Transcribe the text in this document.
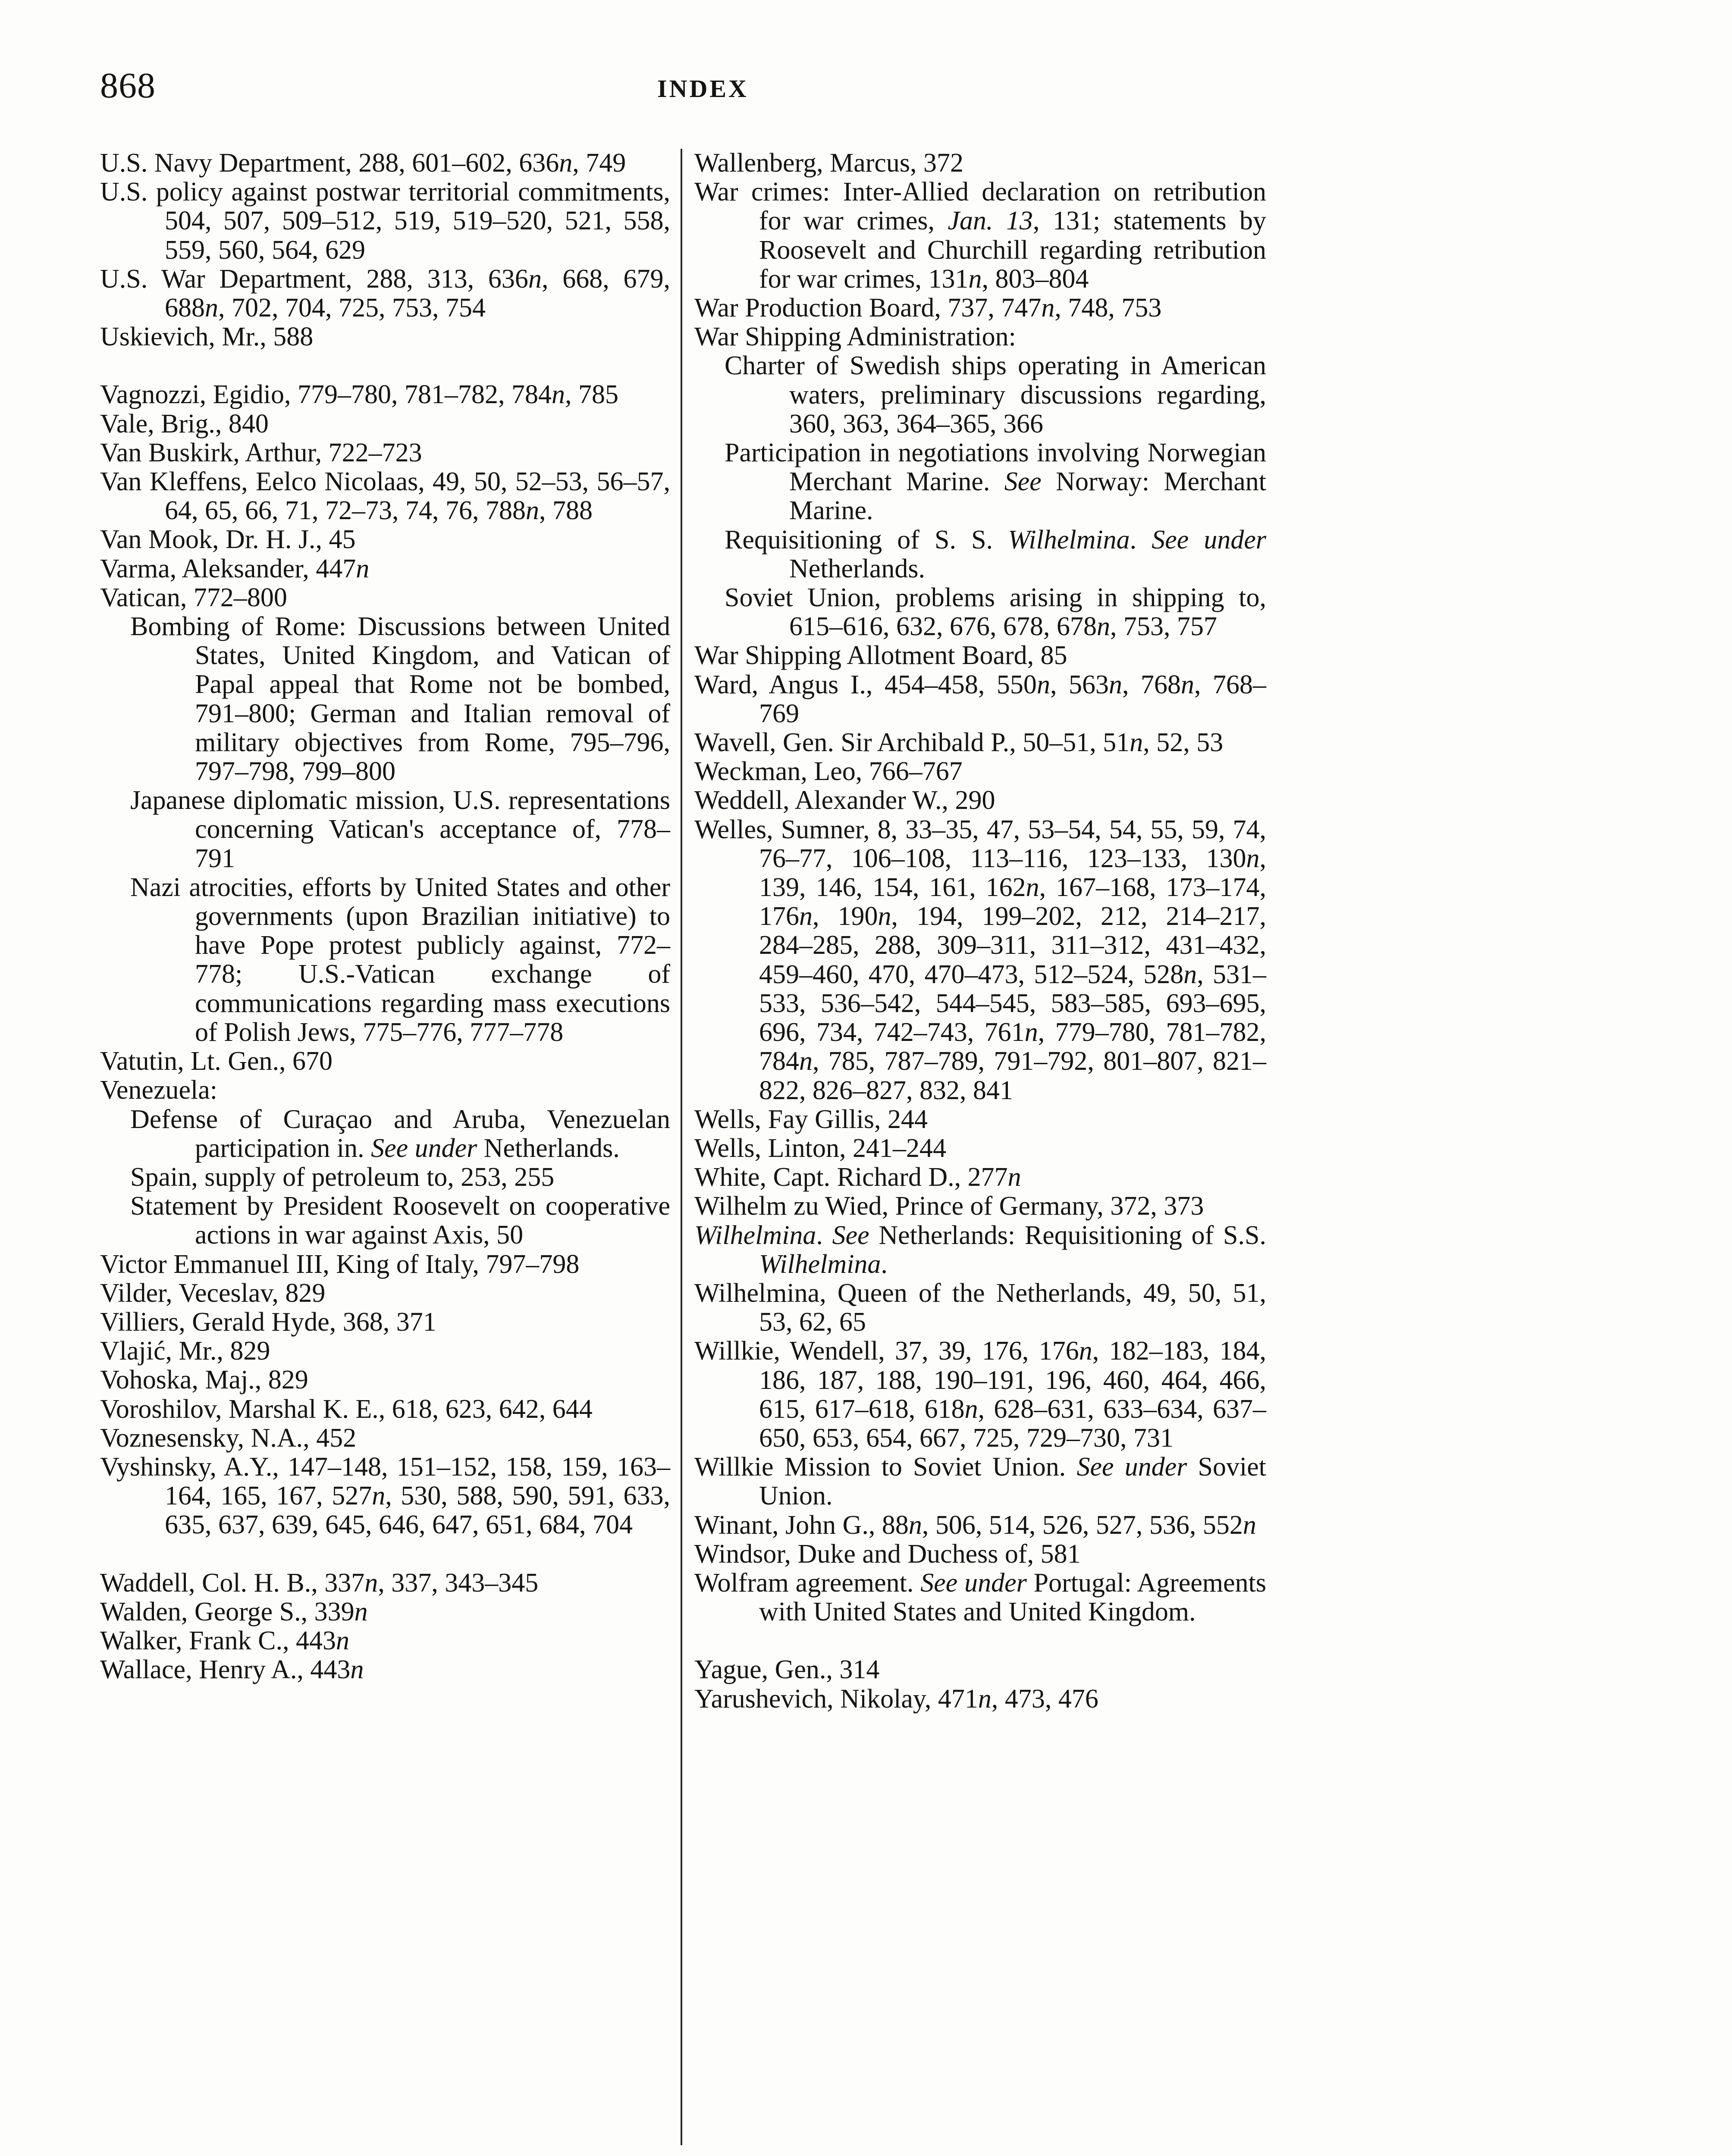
868	INDEX
U.S. Navy Department, 288, 601–602, 636n, 749
U.S. policy against postwar territorial commitments, 504, 507, 509–512, 519, 519–520, 521, 558, 559, 560, 564, 629
U.S. War Department, 288, 313, 636n, 668, 679, 688n, 702, 704, 725, 753, 754
Uskievich, Mr., 588
Vagnozzi, Egidio, 779–780, 781–782, 784n, 785
Vale, Brig., 840
Van Buskirk, Arthur, 722–723
Van Kleffens, Eelco Nicolaas, 49, 50, 52–53, 56–57, 64, 65, 66, 71, 72–73, 74, 76, 788n, 788
Van Mook, Dr. H. J., 45
Varma, Aleksander, 447n
Vatican, 772–800
Bombing of Rome: Discussions between United States, United Kingdom, and Vatican of Papal appeal that Rome not be bombed, 791–800; German and Italian removal of military objectives from Rome, 795–796, 797–798, 799–800
Japanese diplomatic mission, U.S. representations concerning Vatican's acceptance of, 778–791
Nazi atrocities, efforts by United States and other governments (upon Brazilian initiative) to have Pope protest publicly against, 772–778; U.S.-Vatican exchange of communications regarding mass executions of Polish Jews, 775–776, 777–778
Vatutin, Lt. Gen., 670
Venezuela:
Defense of Curaçao and Aruba, Venezuelan participation in. See under Netherlands.
Spain, supply of petroleum to, 253, 255
Statement by President Roosevelt on cooperative actions in war against Axis, 50
Victor Emmanuel III, King of Italy, 797–798
Vilder, Veceslav, 829
Villiers, Gerald Hyde, 368, 371
Vlajić, Mr., 829
Vohoska, Maj., 829
Voroshilov, Marshal K. E., 618, 623, 642, 644
Voznesensky, N.A., 452
Vyshinsky, A.Y., 147–148, 151–152, 158, 159, 163–164, 165, 167, 527n, 530, 588, 590, 591, 633, 635, 637, 639, 645, 646, 647, 651, 684, 704
Waddell, Col. H. B., 337n, 337, 343–345
Walden, George S., 339n
Walker, Frank C., 443n
Wallace, Henry A., 443n
Wallenberg, Marcus, 372
War crimes: Inter-Allied declaration on retribution for war crimes, Jan. 13, 131; statements by Roosevelt and Churchill regarding retribution for war crimes, 131n, 803–804
War Production Board, 737, 747n, 748, 753
War Shipping Administration:
Charter of Swedish ships operating in American waters, preliminary discussions regarding, 360, 363, 364–365, 366
Participation in negotiations involving Norwegian Merchant Marine. See Norway: Merchant Marine.
Requisitioning of S. S. Wilhelmina. See under Netherlands.
Soviet Union, problems arising in shipping to, 615–616, 632, 676, 678, 678n, 753, 757
War Shipping Allotment Board, 85
Ward, Angus I., 454–458, 550n, 563n, 768n, 768–769
Wavell, Gen. Sir Archibald P., 50–51, 51n, 52, 53
Weckman, Leo, 766–767
Weddell, Alexander W., 290
Welles, Sumner, 8, 33–35, 47, 53–54, 54, 55, 59, 74, 76–77, 106–108, 113–116, 123–133, 130n, 139, 146, 154, 161, 162n, 167–168, 173–174, 176n, 190n, 194, 199–202, 212, 214–217, 284–285, 288, 309–311, 311–312, 431–432, 459–460, 470, 470–473, 512–524, 528n, 531–533, 536–542, 544–545, 583–585, 693–695, 696, 734, 742–743, 761n, 779–780, 781–782, 784n, 785, 787–789, 791–792, 801–807, 821–822, 826–827, 832, 841
Wells, Fay Gillis, 244
Wells, Linton, 241–244
White, Capt. Richard D., 277n
Wilhelm zu Wied, Prince of Germany, 372, 373
Wilhelmina. See Netherlands: Requisitioning of S.S. Wilhelmina.
Wilhelmina, Queen of the Netherlands, 49, 50, 51, 53, 62, 65
Willkie, Wendell, 37, 39, 176, 176n, 182–183, 184, 186, 187, 188, 190–191, 196, 460, 464, 466, 615, 617–618, 618n, 628–631, 633–634, 637–650, 653, 654, 667, 725, 729–730, 731
Willkie Mission to Soviet Union. See under Soviet Union.
Winant, John G., 88n, 506, 514, 526, 527, 536, 552n
Windsor, Duke and Duchess of, 581
Wolfram agreement. See under Portugal: Agreements with United States and United Kingdom.
Yague, Gen., 314
Yarushevich, Nikolay, 471n, 473, 476
